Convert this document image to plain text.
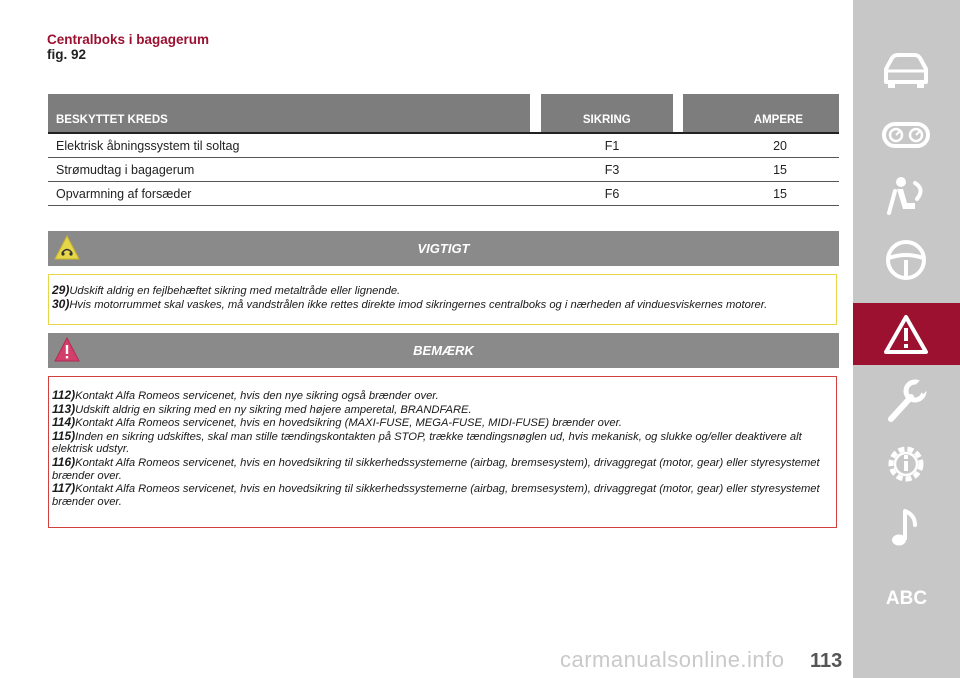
Centralboks i bagagerum
fig. 92
BESKYTTET KREDS		SIKRING		AMPERE
Elektrisk åbningssystem til soltag		F1		20
Strømudtag i bagagerum		F3		15
Opvarmning af forsæder		F6		15
VIGTIGT
29)Udskift aldrig en fejlbehæftet sikring med metaltråde eller lignende.
30)Hvis motorrummet skal vaskes, må vandstrålen ikke rettes direkte imod sikringernes centralboks og i nærheden af vinduesviskernes motorer.
BEMÆRK
112)Kontakt Alfa Romeos servicenet, hvis den nye sikring også brænder over.
113)Udskift aldrig en sikring med en ny sikring med højere amperetal, BRANDFARE.
114)Kontakt Alfa Romeos servicenet, hvis en hovedsikring (MAXI-FUSE, MEGA-FUSE, MIDI-FUSE) brænder over.
115)Inden en sikring udskiftes, skal man stille tændingskontakten på STOP, trække tændingsnøglen ud, hvis mekanisk, og slukke og/eller deaktivere alt elektrisk udstyr.
116)Kontakt Alfa Romeos servicenet, hvis en hovedsikring til sikkerhedssystemerne (airbag, bremsesystem), drivaggregat (motor, gear) eller styresystemet brænder over.
117)Kontakt Alfa Romeos servicenet, hvis en hovedsikring til sikkerhedssystemerne (airbag, bremsesystem), drivaggregat (motor, gear) eller styresystemet brænder over.
ABC
carmanualsonline.info 113
